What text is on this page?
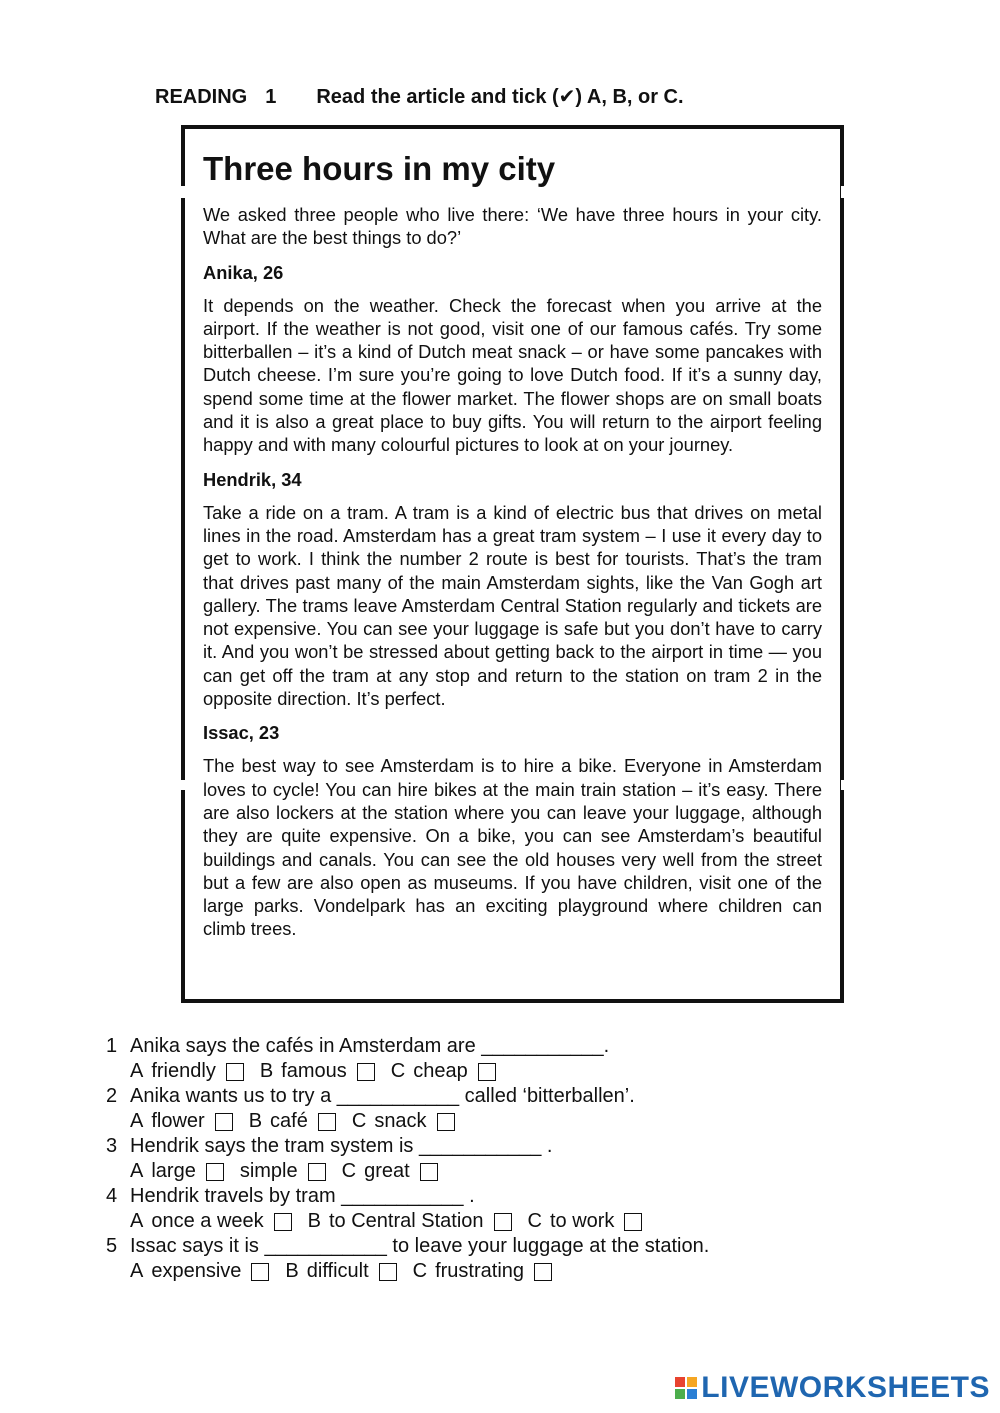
READING 1 Read the article and tick (✔) A, B, or C.
Three hours in my city

We asked three people who live there: ‘We have three hours in your city. What are the best things to do?’

Anika, 26

It depends on the weather. Check the forecast when you arrive at the airport. If the weather is not good, visit one of our famous cafés. Try some bitterballen – it’s a kind of Dutch meat snack – or have some pancakes with Dutch cheese. I’m sure you’re going to love Dutch food. If it’s a sunny day, spend some time at the flower market. The flower shops are on small boats and it is also a great place to buy gifts. You will return to the airport feeling happy and with many colourful pictures to look at on your journey.

Hendrik, 34

Take a ride on a tram. A tram is a kind of electric bus that drives on metal lines in the road. Amsterdam has a great tram system – I use it every day to get to work. I think the number 2 route is best for tourists. That’s the tram that drives past many of the main Amsterdam sights, like the Van Gogh art gallery. The trams leave Amsterdam Central Station regularly and tickets are not expensive. You can see your luggage is safe but you don’t have to carry it. And you won’t be stressed about getting back to the airport in time — you can get off the tram at any stop and return to the station on tram 2 in the opposite direction. It’s perfect.

Issac, 23

The best way to see Amsterdam is to hire a bike. Everyone in Amsterdam loves to cycle! You can hire bikes at the main train station – it’s easy. There are also lockers at the station where you can leave your luggage, although they are quite expensive. On a bike, you can see Amsterdam’s beautiful buildings and canals. You can see the old houses very well from the street but a few are also open as museums. If you have children, visit one of the large parks. Vondelpark has an exciting playground where children can climb trees.

1 Anika says the cafés in Amsterdam are ___________.
A friendly B famous C cheap
2 Anika wants us to try a ___________ called ‘bitterballen’.
A flower B café C snack
3 Hendrik says the tram system is ___________ .
A large simple C great
4 Hendrik travels by tram ___________ .
A once a week B to Central Station C to work
5 Issac says it is ___________ to leave your luggage at the station.
A expensive B difficult C frustrating
LIVEWORKSHEETS
